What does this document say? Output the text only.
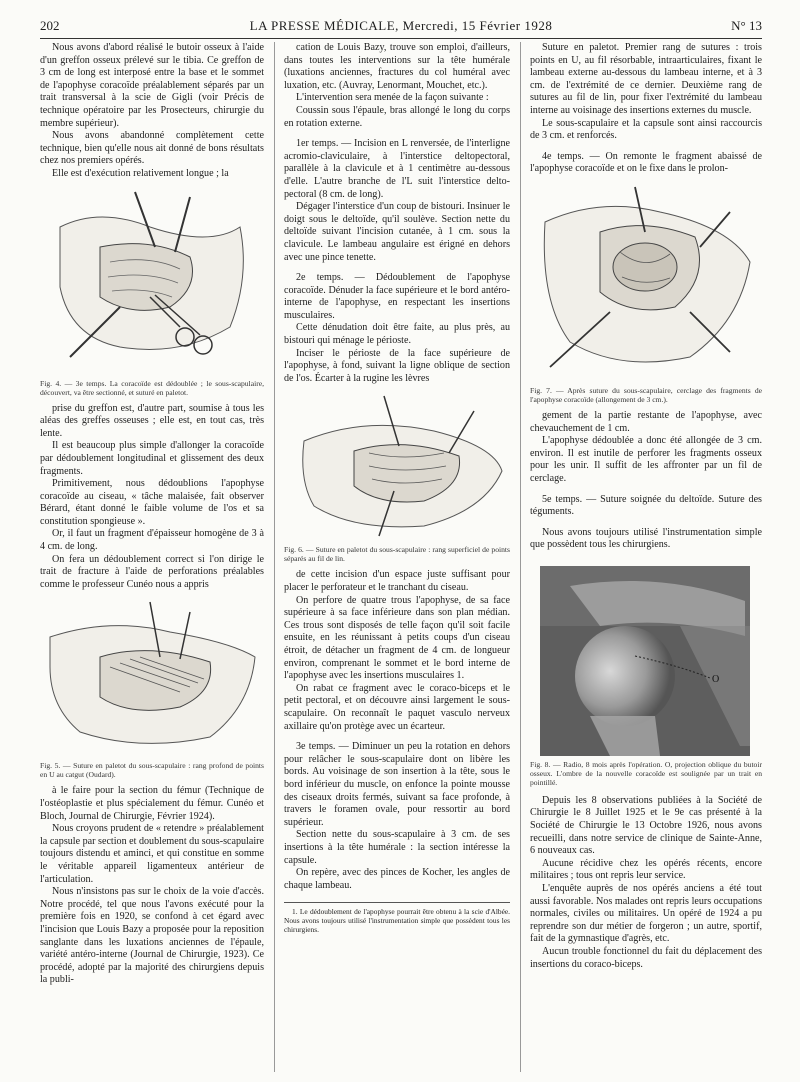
202	LA PRESSE MÉDICALE, Mercredi, 15 Février 1928	N° 13

Nous avons d'abord réalisé le butoir osseux à l'aide d'un greffon osseux prélevé sur le tibia. Ce greffon de 3 cm de long est interposé entre la base et le sommet de l'apophyse coracoïde préalablement séparés par un trait transversal à la scie de Gigli (voir Précis de technique opératoire par les Prosecteurs, chirurgie du membre supérieur).

Nous avons abandonné complètement cette technique, bien qu'elle nous ait donné de bons résultats chez nos premiers opérés.

Elle est d'exécution relativement longue ; la

Fig. 4. — 3e temps. La coracoïde est dédoublée ; le sous-scapulaire, découvert, va être sectionné, et suturé en paletot.

prise du greffon est, d'autre part, soumise à tous les aléas des greffes osseuses ; elle est, en tout cas, très lente.

Il est beaucoup plus simple d'allonger la coracoïde par dédoublement longitudinal et glissement des deux fragments.

Primitivement, nous dédoublions l'apophyse coracoïde au ciseau, « tâche malaisée, fait observer Bérard, étant donné le faible volume de l'os et sa constitution spongieuse ».

Or, il faut un fragment d'épaisseur homogène de 3 à 4 cm. de long.

On fera un dédoublement correct si l'on dirige le trait de fracture à l'aide de perforations préalables comme le professeur Cunéo nous a appris

Fig. 5. — Suture en paletot du sous-scapulaire : rang profond de points en U au catgut (Oudard).

à le faire pour la section du fémur (Technique de l'ostéoplastie et plus spécialement du fémur. Cunéo et Bloch, Journal de Chirurgie, Février 1924).

Nous croyons prudent de « retendre » préalablement la capsule par section et doublement du sous-scapulaire toujours distendu et aminci, et qui constitue en somme le véritable appareil ligamenteux antérieur de l'articulation.

Nous n'insistons pas sur le choix de la voie d'accès. Notre procédé, tel que nous l'avons exécuté pour la première fois en 1920, se confond à cet égard avec l'incision que Louis Bazy a proposée pour la reposition sanglante dans les luxations anciennes de l'épaule, variété antéro-interne (Journal de Chirurgie, 1923). Ce procédé, adopté par la majorité des chirurgiens depuis la publi-

cation de Louis Bazy, trouve son emploi, d'ailleurs, dans toutes les interventions sur la tête humérale (luxations anciennes, fractures du col huméral avec luxation, etc. (Auvray, Lenormant, Mouchet, etc.).

L'intervention sera menée de la façon suivante :

Coussin sous l'épaule, bras allongé le long du corps en rotation externe.

1er temps. — Incision en L renversée, de l'interligne acromio-claviculaire, à l'interstice deltopectoral, parallèle à la clavicule et à 1 centimètre au-dessous d'elle. L'autre branche de l'L suit l'interstice delto-pectoral (8 cm. de long).

Dégager l'interstice d'un coup de bistouri. Insinuer le doigt sous le deltoïde, qu'il soulève. Section nette du deltoïde suivant l'incision cutanée, à 1 cm. sous la clavicule. Le lambeau angulaire est érigné en dehors avec une pince tenette.

2e temps. — Dédoublement de l'apophyse coracoïde. Dénuder la face supérieure et le bord antéro-interne de l'apophyse, en respectant les insertions musculaires.

Cette dénudation doit être faite, au plus près, au bistouri qui ménage le périoste.

Inciser le périoste de la face supérieure de l'apophyse, à fond, suivant la ligne oblique de section de l'os. Écarter à la rugine les lèvres

Fig. 6. — Suture en paletot du sous-scapulaire : rang superficiel de points séparés au fil de lin.

de cette incision d'un espace juste suffisant pour placer le perforateur et le tranchant du ciseau.

On perfore de quatre trous l'apophyse, de sa face supérieure à sa face inférieure dans son plan médian. Ces trous sont disposés de telle façon qu'il soit facile ensuite, en les réunissant à petits coups d'un ciseau étroit, de détacher un fragment de 4 cm. de longueur environ, comprenant le sommet et le bord interne de l'apophyse avec les insertions musculaires 1.

On rabat ce fragment avec le coraco-biceps et le petit pectoral, et on découvre ainsi largement le sous-scapulaire. On reconnaît le paquet vasculo nerveux axillaire qu'on protège avec un écarteur.

3e temps. — Diminuer un peu la rotation en dehors pour relâcher le sous-scapulaire dont on libère les bords. Au voisinage de son insertion à la tête, sous le bord inférieur du muscle, on enfonce la pointe mousse des ciseaux droits fermés, suivant sa face profonde, à travers le foramen ovale, pour ressortir au bord supérieur.

Section nette du sous-scapulaire à 3 cm. de ses insertions à la tête humérale : la section intéresse la capsule.

On repère, avec des pinces de Kocher, les angles de chaque lambeau.

1. Le dédoublement de l'apophyse pourrait être obtenu à la scie d'Albée. Nous avons toujours utilisé l'instrumentation simple que possèdent tous les chirurgiens.

Suture en paletot. Premier rang de sutures : trois points en U, au fil résorbable, intraarticulaires, fixant le lambeau externe au-dessous du lambeau interne, et à 3 cm. de l'extrémité de ce dernier. Deuxième rang de sutures au fil de lin, pour fixer l'extrémité du lambeau interne au voisinage des insertions externes du muscle.

Le sous-scapulaire et la capsule sont ainsi raccourcis de 3 cm. et renforcés.

4e temps. — On remonte le fragment abaissé de l'apophyse coracoïde et on le fixe dans le prolon-

Fig. 7. — Après suture du sous-scapulaire, cerclage des fragments de l'apophyse coracoïde (allongement de 3 cm.).

gement de la partie restante de l'apophyse, avec chevauchement de 1 cm.

L'apophyse dédoublée a donc été allongée de 3 cm. environ. Il est inutile de perforer les fragments osseux pour les unir. Il suffit de les affronter par un fil de cerclage.

5e temps. — Suture soignée du deltoïde. Suture des téguments.

Nous avons toujours utilisé l'instrumentation simple que possèdent tous les chirurgiens.

O

Fig. 8. — Radio, 8 mois après l'opération. O, projection oblique du butoir osseux. L'ombre de la nouvelle coracoïde est soulignée par un trait en pointillé.

Depuis les 8 observations publiées à la Société de Chirurgie le 8 Juillet 1925 et le 9e cas présenté à la Société de Chirurgie le 13 Octobre 1926, nous avons recueilli, dans notre service de clinique de Sainte-Anne, 6 nouveaux cas.

Aucune récidive chez les opérés récents, encore militaires ; tous ont repris leur service.

L'enquête auprès de nos opérés anciens a été tout aussi favorable. Nos malades ont repris leurs occupations normales, civiles ou militaires. Un opéré de 1924 a pu reprendre son dur métier de forgeron ; un autre, sportif, fait de la gymnastique d'agrès, etc.

Aucun trouble fonctionnel du fait du déplacement des insertions du coraco-biceps.
